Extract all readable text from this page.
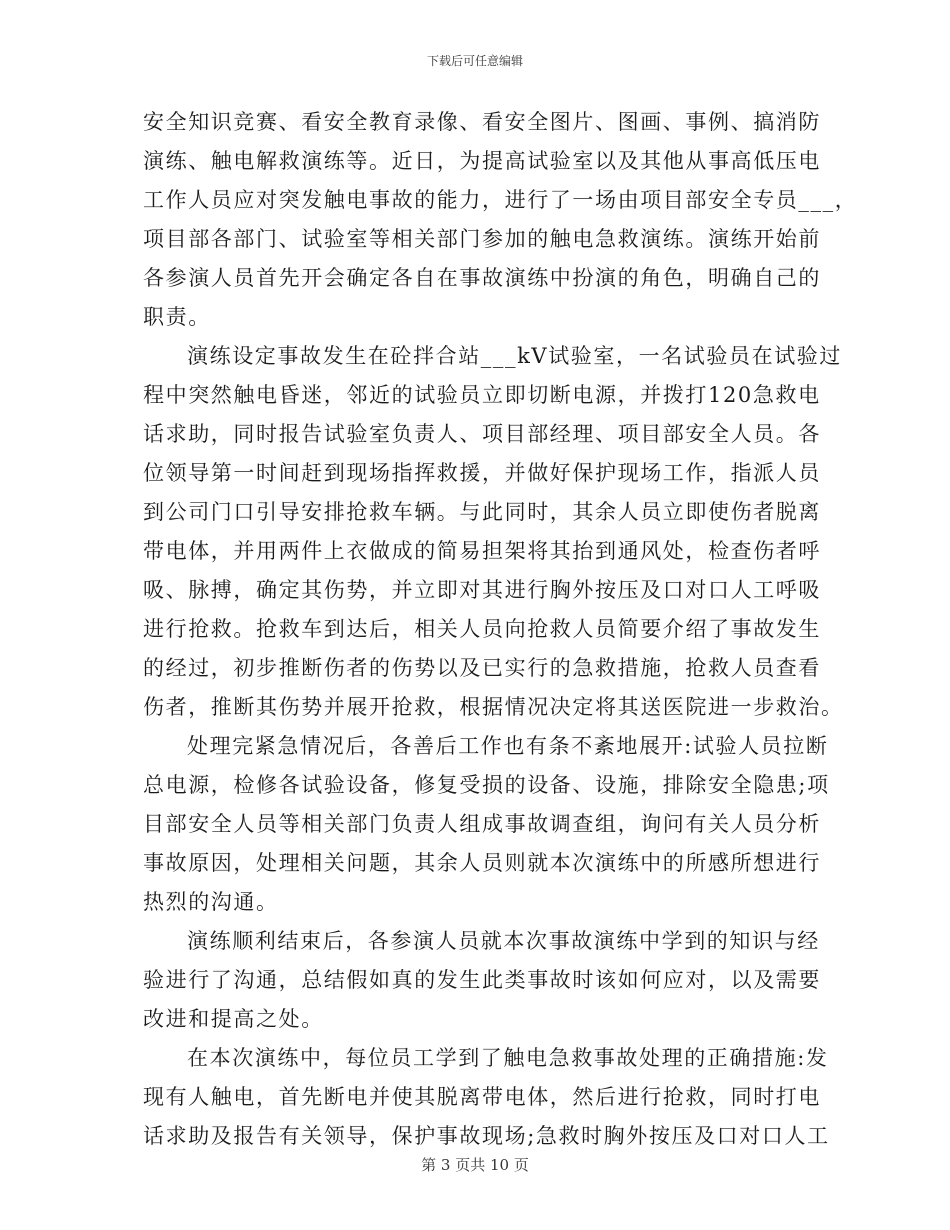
下载后可任意编辑
安全知识竞赛、看安全教育录像、看安全图片、图画、事例、搞消防
演练、触电解救演练等。近日，为提高试验室以及其他从事高低压电
工作人员应对突发触电事故的能力，进行了一场由项目部安全专员___，
项目部各部门、试验室等相关部门参加的触电急救演练。演练开始前
各参演人员首先开会确定各自在事故演练中扮演的角色，明确自己的
职责。
演练设定事故发生在砼拌合站___kV试验室，一名试验员在试验过
程中突然触电昏迷，邻近的试验员立即切断电源，并拨打120急救电
话求助，同时报告试验室负责人、项目部经理、项目部安全人员。各
位领导第一时间赶到现场指挥救援，并做好保护现场工作，指派人员
到公司门口引导安排抢救车辆。与此同时，其余人员立即使伤者脱离
带电体，并用两件上衣做成的简易担架将其抬到通风处，检查伤者呼
吸、脉搏，确定其伤势，并立即对其进行胸外按压及口对口人工呼吸
进行抢救。抢救车到达后，相关人员向抢救人员简要介绍了事故发生
的经过，初步推断伤者的伤势以及已实行的急救措施，抢救人员查看
伤者，推断其伤势并展开抢救，根据情况决定将其送医院进一步救治。
处理完紧急情况后，各善后工作也有条不紊地展开:试验人员拉断
总电源，检修各试验设备，修复受损的设备、设施，排除安全隐患;项
目部安全人员等相关部门负责人组成事故调查组，询问有关人员分析
事故原因，处理相关问题，其余人员则就本次演练中的所感所想进行
热烈的沟通。
演练顺利结束后，各参演人员就本次事故演练中学到的知识与经
验进行了沟通，总结假如真的发生此类事故时该如何应对，以及需要
改进和提高之处。
在本次演练中，每位员工学到了触电急救事故处理的正确措施:发
现有人触电，首先断电并使其脱离带电体，然后进行抢救，同时打电
话求助及报告有关领导，保护事故现场;急救时胸外按压及口对口人工
第 3 页共 10 页
